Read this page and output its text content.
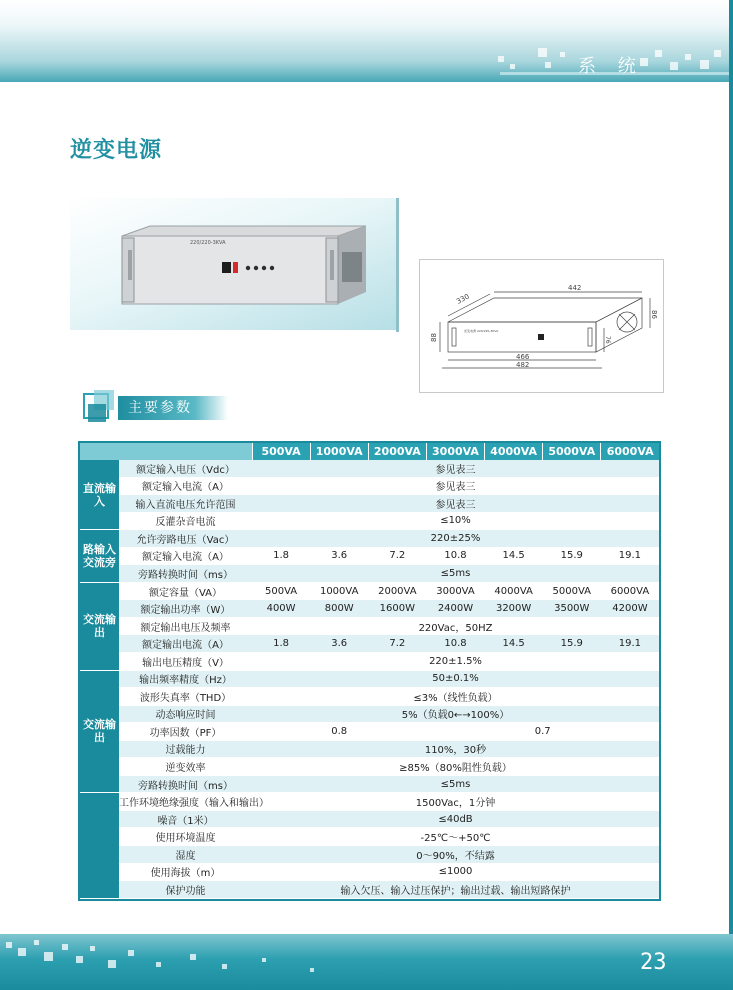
系 统
逆变电源
220/220-3KVA
442
330
88
86
466
482
76
逆变电源 220/220-3KVA
主要参数
		500VA	1000VA	2000VA	3000VA	4000VA	5000VA	6000VA
直流输入	额定输入电压（Vdc）	参见表三						
	额定输入电流（A）	参见表三						
	输入直流电压允许范围	参见表三						
	反灌杂音电流	≤10%						
路输入交流旁	允许旁路电压（Vac）	220±25%						
	额定输入电流（A）	1.8	3.6	7.2	10.8	14.5	15.9	19.1
	旁路转换时间（ms）	≤5ms						
交流输出	额定容量（VA）	500VA	1000VA	2000VA	3000VA	4000VA	5000VA	6000VA
	额定输出功率（W）	400W	800W	1600W	2400W	3200W	3500W	4200W
	额定输出电压及频率	220Vac，50HZ						
	额定输出电流（A）	1.8	3.6	7.2	10.8	14.5	15.9	19.1
	输出电压精度（V）	220±1.5%						
交流输出	输出频率精度（Hz）	50±0.1%						
	波形失真率（THD）	≤3%（线性负载）						
	动态响应时间	5%（负载0←→100%）						
	功率因数（PF）	0.8			0.7			
	过载能力	110%，30秒						
	逆变效率	≥85%（80%阻性负载）						
	旁路转换时间（ms）	≤5ms						
	工作环境绝缘强度（输入和输出）	1500Vac，1分钟						
	噪音（1米）	≤40dB						
	使用环境温度	-25℃～+50℃						
	湿度	0～90%，不结露						
	使用海拔（m）	≤1000						
	保护功能	输入欠压、输入过压保护；输出过载、输出短路保护						
23
